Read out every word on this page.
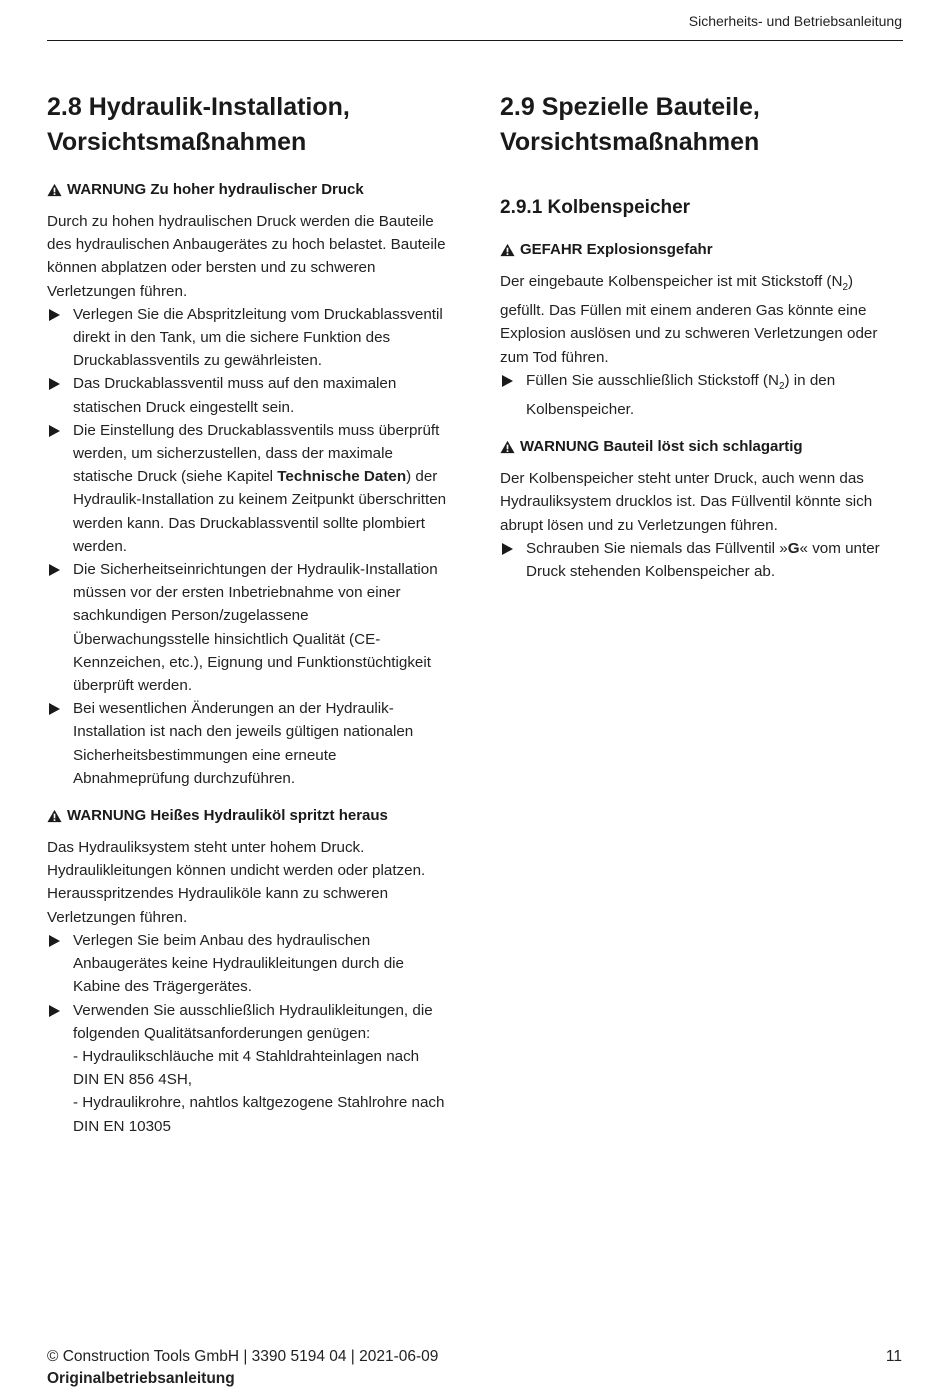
Sicherheits- und Betriebsanleitung
2.8 Hydraulik-Installation,
Vorsichtsmaßnahmen
WARNUNG Zu hoher hydraulischer Druck

Durch zu hohen hydraulischen Druck werden die Bauteile des hydraulischen Anbaugerätes zu hoch belastet. Bauteile können abplatzen oder bersten und zu schweren Verletzungen führen.

Verlegen Sie die Abspritzleitung vom Druckablassventil direkt in den Tank, um die sichere Funktion des Druckablassventils zu gewährleisten.
Das Druckablassventil muss auf den maximalen statischen Druck eingestellt sein.
Die Einstellung des Druckablassventils muss überprüft werden, um sicherzustellen, dass der maximale statische Druck (siehe Kapitel Technische Daten) der Hydraulik-Installation zu keinem Zeitpunkt überschritten werden kann. Das Druckablassventil sollte plombiert werden.
Die Sicherheitseinrichtungen der Hydraulik-Installation müssen vor der ersten Inbetriebnahme von einer sachkundigen Person/zugelassene Überwachungsstelle hinsichtlich Qualität (CE-Kennzeichen, etc.), Eignung und Funktionstüchtigkeit überprüft werden.
Bei wesentlichen Änderungen an der Hydraulik-Installation ist nach den jeweils gültigen nationalen Sicherheitsbestimmungen eine erneute Abnahmeprüfung durchzuführen.
WARNUNG Heißes Hydrauliköl spritzt heraus

Das Hydrauliksystem steht unter hohem Druck. Hydraulikleitungen können undicht werden oder platzen. Herausspritzendes Hydrauliköle kann zu schweren Verletzungen führen.

Verlegen Sie beim Anbau des hydraulischen Anbaugerätes keine Hydraulikleitungen durch die Kabine des Trägergerätes.
Verwenden Sie ausschließlich Hydraulikleitungen, die folgenden Qualitätsanforderungen genügen:
- Hydraulikschläuche mit 4 Stahldrahteinlagen nach DIN EN 856 4SH,
- Hydraulikrohre, nahtlos kaltgezogene Stahlrohre nach DIN EN 10305
2.9 Spezielle Bauteile,
Vorsichtsmaßnahmen
2.9.1 Kolbenspeicher
GEFAHR Explosionsgefahr

Der eingebaute Kolbenspeicher ist mit Stickstoff $(N_2)$ gefüllt. Das Füllen mit einem anderen Gas könnte eine Explosion auslösen und zu schweren Verletzungen oder zum Tod führen.

Füllen Sie ausschließlich Stickstoff $(N_2)$ in den Kolbenspeicher.
WARNUNG Bauteil löst sich schlagartig

Der Kolbenspeicher steht unter Druck, auch wenn das Hydrauliksystem drucklos ist. Das Füllventil könnte sich abrupt lösen und zu Verletzungen führen.

Schrauben Sie niemals das Füllventil »G« vom unter Druck stehenden Kolbenspeicher ab.
© Construction Tools GmbH | 3390 5194 04 | 2021-06-09
Originalbetriebsanleitung
11
